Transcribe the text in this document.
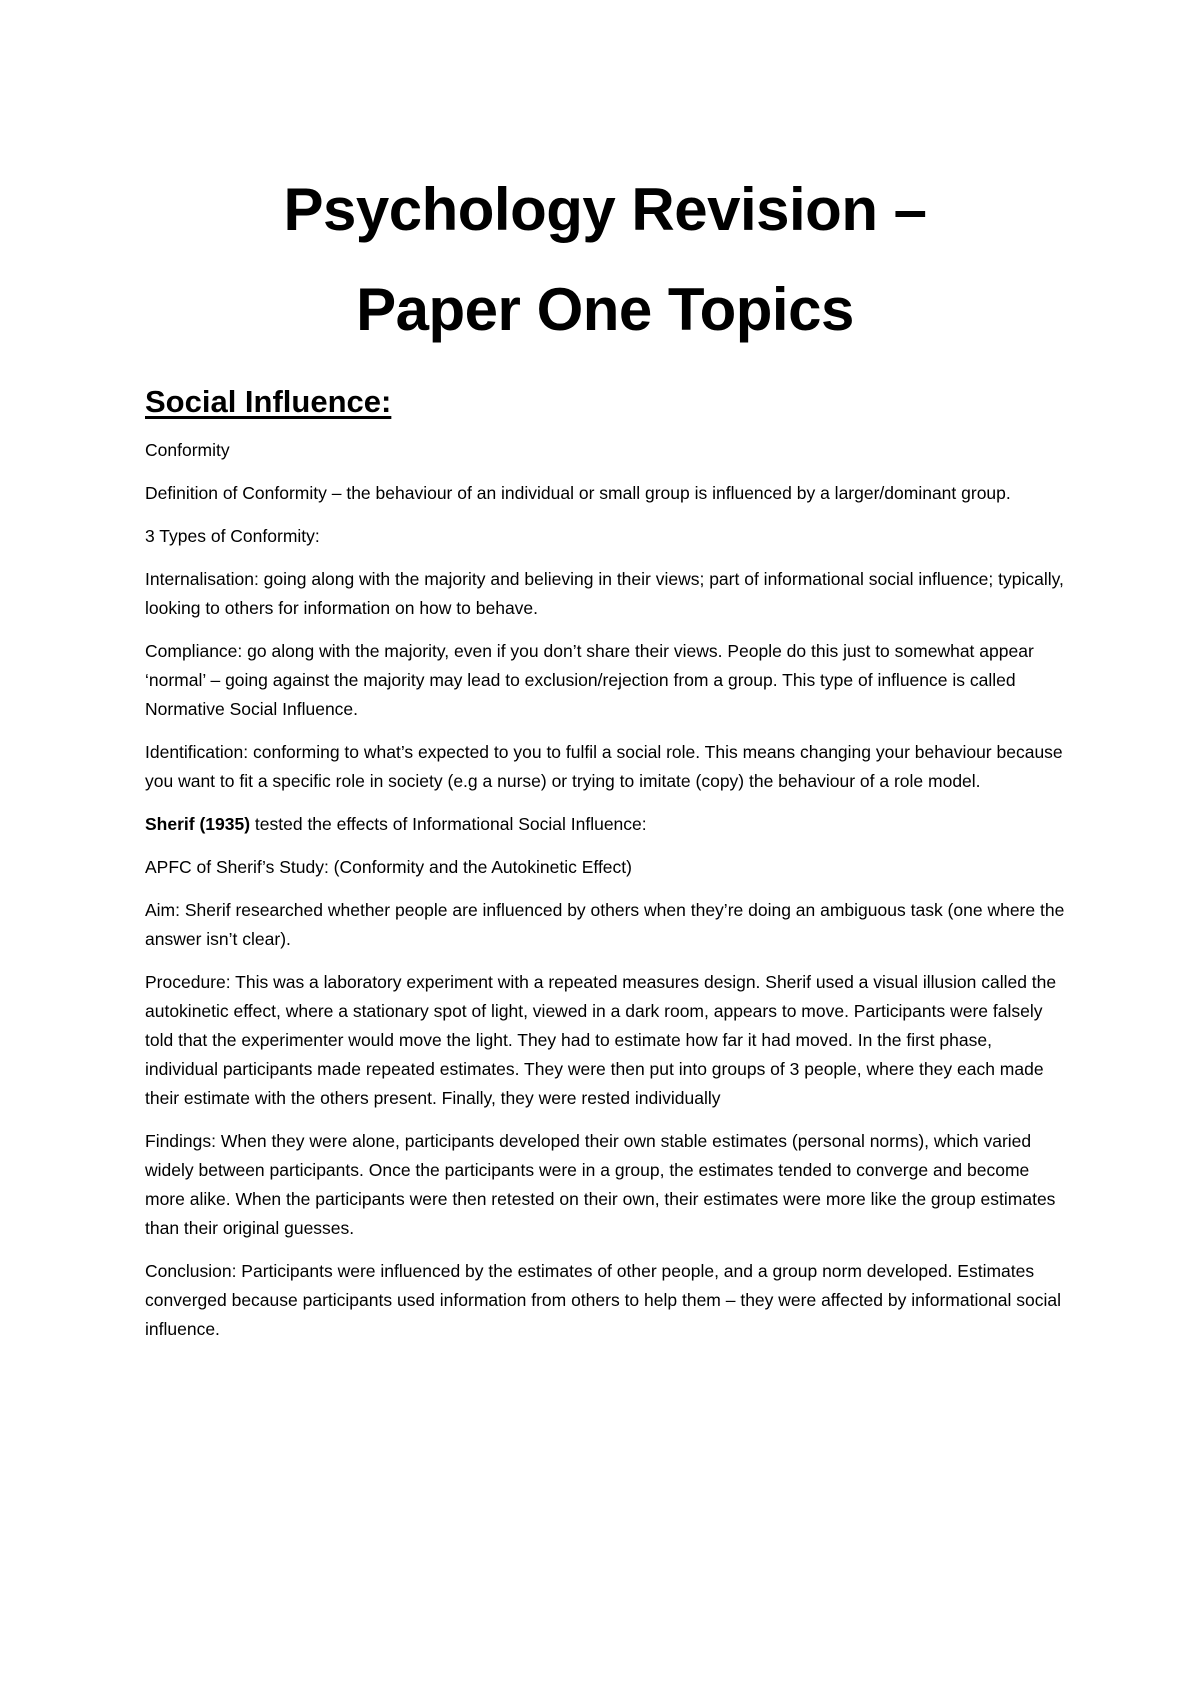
Psychology Revision –
Paper One Topics
Social Influence:

Conformity

Definition of Conformity – the behaviour of an individual or small group is influenced by a larger/dominant group.

3 Types of Conformity:

Internalisation: going along with the majority and believing in their views; part of informational social influence; typically, looking to others for information on how to behave.

Compliance: go along with the majority, even if you don’t share their views. People do this just to somewhat appear ‘normal’ – going against the majority may lead to exclusion/rejection from a group. This type of influence is called Normative Social Influence.

Identification: conforming to what’s expected to you to fulfil a social role. This means changing your behaviour because you want to fit a specific role in society (e.g a nurse) or trying to imitate (copy) the behaviour of a role model.

Sherif (1935) tested the effects of Informational Social Influence:

APFC of Sherif’s Study: (Conformity and the Autokinetic Effect)

Aim: Sherif researched whether people are influenced by others when they’re doing an ambiguous task (one where the answer isn’t clear).

Procedure: This was a laboratory experiment with a repeated measures design. Sherif used a visual illusion called the autokinetic effect, where a stationary spot of light, viewed in a dark room, appears to move. Participants were falsely told that the experimenter would move the light. They had to estimate how far it had moved. In the first phase, individual participants made repeated estimates. They were then put into groups of 3 people, where they each made their estimate with the others present. Finally, they were rested individually

Findings: When they were alone, participants developed their own stable estimates (personal norms), which varied widely between participants. Once the participants were in a group, the estimates tended to converge and become more alike. When the participants were then retested on their own, their estimates were more like the group estimates than their original guesses.

Conclusion: Participants were influenced by the estimates of other people, and a group norm developed. Estimates converged because participants used information from others to help them – they were affected by informational social influence.
